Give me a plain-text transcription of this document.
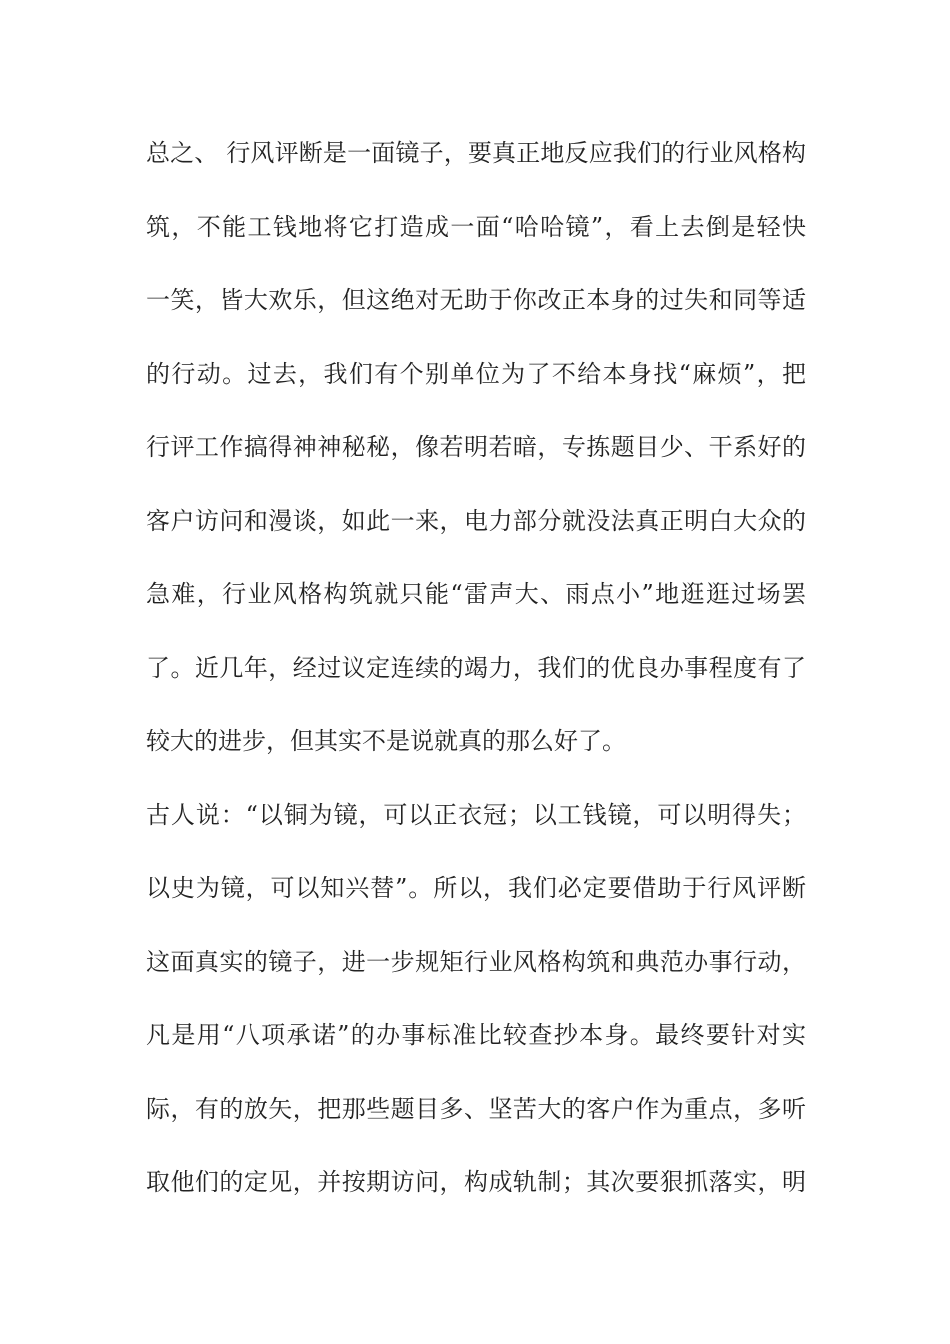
总之、 行风评断是一面镜子，要真正地反应我们的行业风格构
筑，不能工钱地将它打造成一面“哈哈镜”，看上去倒是轻快
一笑，皆大欢乐，但这绝对无助于你改正本身的过失和同等适
的行动。过去，我们有个别单位为了不给本身找“麻烦”，把
行评工作搞得神神秘秘，像若明若暗，专拣题目少、干系好的
客户访问和漫谈，如此一来，电力部分就没法真正明白大众的
急难，行业风格构筑就只能“雷声大、雨点小”地逛逛过场罢
了。近几年，经过议定连续的竭力，我们的优良办事程度有了
较大的进步，但其实不是说就真的那么好了。
古人说：“以铜为镜，可以正衣冠；以工钱镜，可以明得失；
以史为镜，可以知兴替”。所以，我们必定要借助于行风评断
这面真实的镜子，进一步规矩行业风格构筑和典范办事行动，
凡是用“八项承诺”的办事标准比较查抄本身。最终要针对实
际，有的放矢，把那些题目多、坚苦大的客户作为重点，多听
取他们的定见，并按期访问，构成轨制；其次要狠抓落实，明
